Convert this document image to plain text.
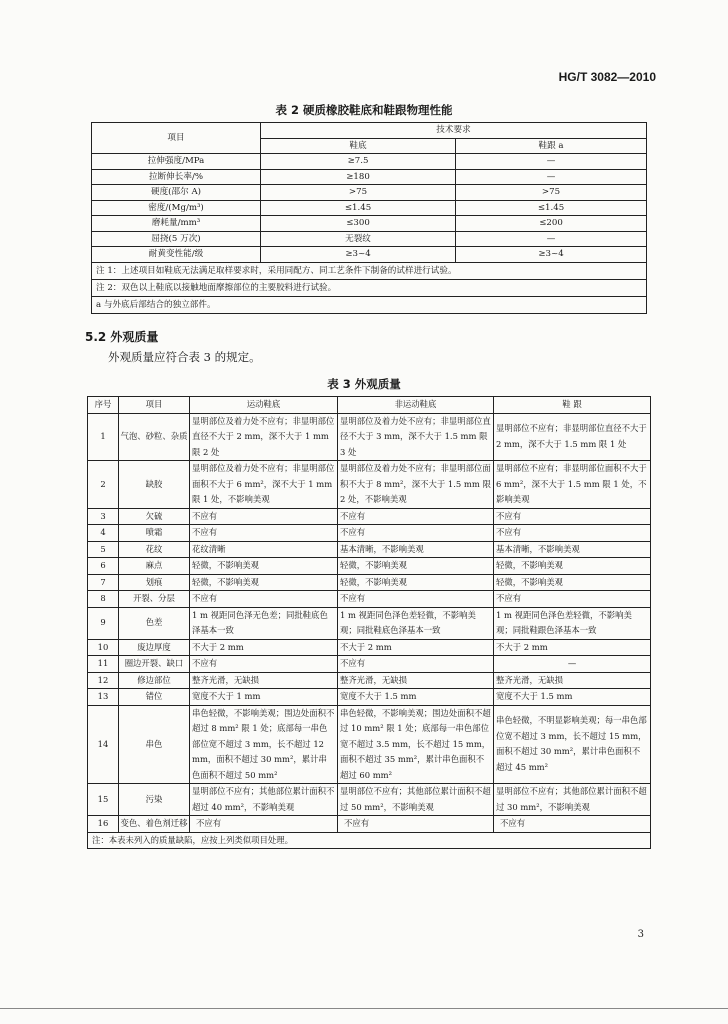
HG/T 3082—2010
表 2 硬质橡胶鞋底和鞋跟物理性能
项目	技术要求	
	鞋底	鞋跟 a
拉伸强度/MPa	≥7.5	—
拉断伸长率/%	≥180	—
硬度(邵尔 A)	>75	>75
密度/(Mg/m³)	≤1.45	≤1.45
磨耗量/mm³	≤300	≤200
屈挠(5 万次)	无裂纹	—
耐黄变性能/级	≥3~4	≥3~4
注 1：上述项目如鞋底无法满足取样要求时，采用同配方、同工艺条件下制备的试样进行试验。		
注 2：双色以上鞋底以接触地面摩擦部位的主要胶料进行试验。		
a 与外底后部结合的独立部件。		
5.2 外观质量
外观质量应符合表 3 的规定。
表 3 外观质量
序号	项目	运动鞋底	非运动鞋底	鞋 跟
1	气泡、砂粒、杂质	显明部位及着力处不应有；非显明部位直径不大于 2 mm，深不大于 1 mm 限 2 处	显明部位及着力处不应有；非显明部位直径不大于 3 mm，深不大于 1.5 mm 限 3 处	显明部位不应有；非显明部位直径不大于 2 mm，深不大于 1.5 mm 限 1 处
2	缺胶	显明部位及着力处不应有；非显明部位面积不大于 6 mm²，深不大于 1 mm 限 1 处，不影响美观	显明部位及着力处不应有；非显明部位面积不大于 8 mm²，深不大于 1.5 mm 限 2 处，不影响美观	显明部位不应有；非显明部位面积不大于 6 mm²，深不大于 1.5 mm 限 1 处，不影响美观
3	欠硫	不应有	不应有	不应有
4	喷霜	不应有	不应有	不应有
5	花纹	花纹清晰	基本清晰，不影响美观	基本清晰，不影响美观
6	麻点	轻微，不影响美观	轻微，不影响美观	轻微，不影响美观
7	划痕	轻微，不影响美观	轻微，不影响美观	轻微，不影响美观
8	开裂、分层	不应有	不应有	不应有
9	色差	1 m 视距同色泽无色差；同批鞋底色泽基本一致	1 m 视距同色泽色差轻微，不影响美观；同批鞋底色泽基本一致	1 m 视距同色泽色差轻微，不影响美观；同批鞋跟色泽基本一致
10	废边厚度	不大于 2 mm	不大于 2 mm	不大于 2 mm
11	圈边开裂、缺口	不应有	不应有	—
12	修边部位	整齐光滑，无缺损	整齐光滑，无缺损	整齐光滑，无缺损
13	错位	宽度不大于 1 mm	宽度不大于 1.5 mm	宽度不大于 1.5 mm
14	串色	串色轻微，不影响美观；围边处面积不超过 8 mm² 限 1 处；底部每一串色部位宽不超过 3 mm，长不超过 12 mm，面积不超过 30 mm²，累计串色面积不超过 50 mm²	串色轻微，不影响美观；围边处面积不超过 10 mm² 限 1 处；底部每一串色部位宽不超过 3.5 mm，长不超过 15 mm，面积不超过 35 mm²，累计串色面积不超过 60 mm²	串色轻微，不明显影响美观；每一串色部位宽不超过 3 mm，长不超过 15 mm，面积不超过 30 mm²，累计串色面积不超过 45 mm²
15	污染	显明部位不应有；其他部位累计面积不超过 40 mm²，不影响美观	显明部位不应有；其他部位累计面积不超过 50 mm²，不影响美观	显明部位不应有；其他部位累计面积不超过 30 mm²，不影响美观
16	变色、着色剂迁移	不应有	不应有	不应有
注：本表未列入的质量缺陷，应按上列类似项目处理。				
3
